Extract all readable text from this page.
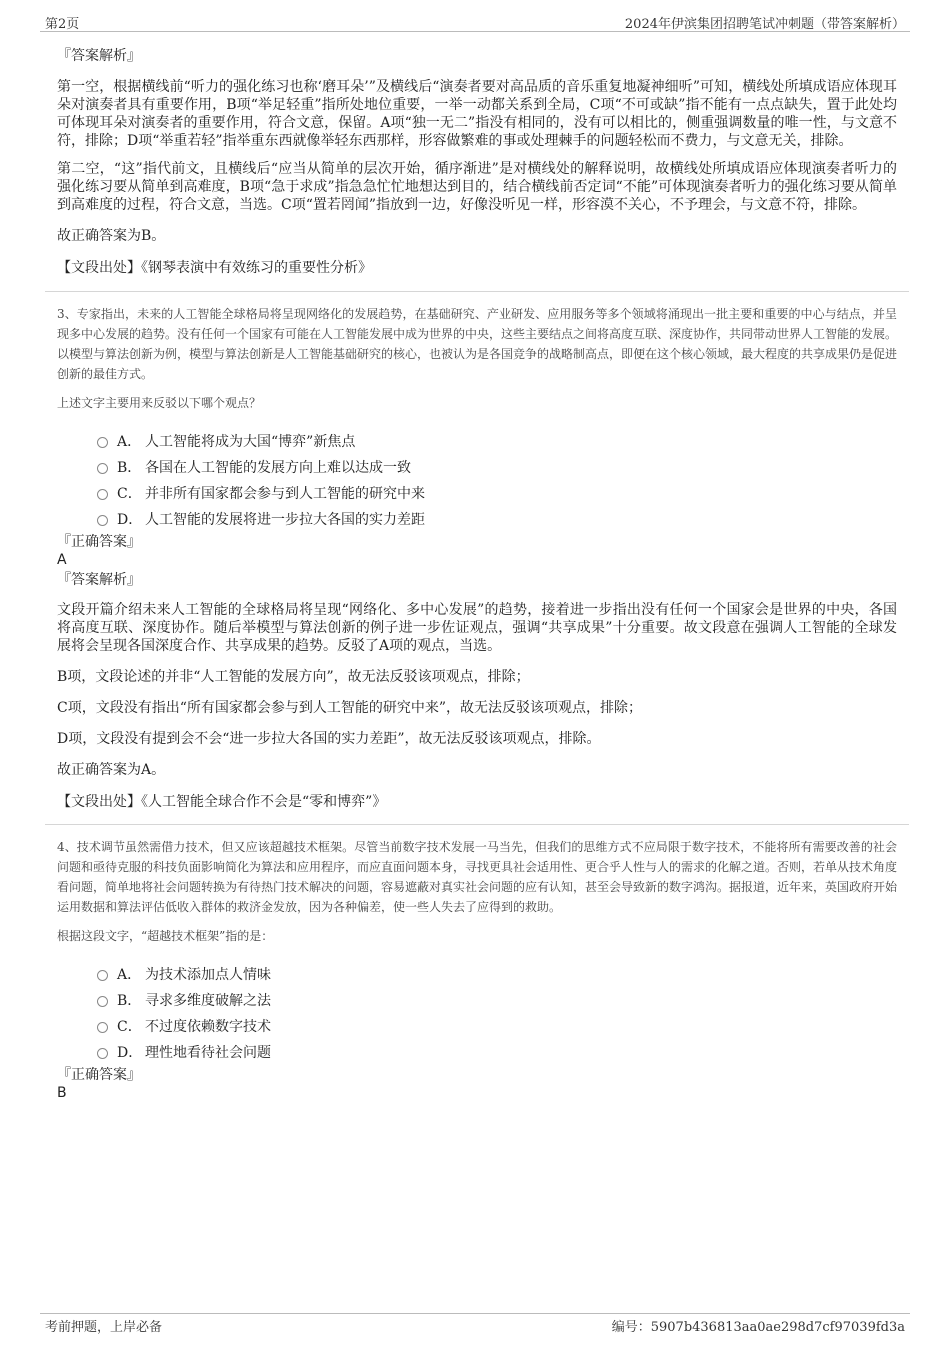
第2页	2024年伊滨集团招聘笔试冲刺题（带答案解析）

『答案解析』

第一空，根据横线前“听力的强化练习也称‘磨耳朵’”及横线后“演奏者要对高品质的音乐重复地凝神细听”可知，横线处所填成语应体现耳朵对演奏者具有重要作用，B项“举足轻重”指所处地位重要，一举一动都关系到全局，C项“不可或缺”指不能有一点点缺失，置于此处均可体现耳朵对演奏者的重要作用，符合文意，保留。A项“独一无二”指没有相同的，没有可以相比的，侧重强调数量的唯一性，与文意不符，排除；D项“举重若轻”指举重东西就像举轻东西那样，形容做繁难的事或处理棘手的问题轻松而不费力，与文意无关，排除。

第二空，“这”指代前文，且横线后“应当从简单的层次开始，循序渐进”是对横线处的解释说明，故横线处所填成语应体现演奏者听力的强化练习要从简单到高难度，B项“急于求成”指急急忙忙地想达到目的，结合横线前否定词“不能”可体现演奏者听力的强化练习要从简单到高难度的过程，符合文意，当选。C项“置若罔闻”指放到一边，好像没听见一样，形容漠不关心，不予理会，与文意不符，排除。

故正确答案为B。

【文段出处】《钢琴表演中有效练习的重要性分析》

3、专家指出，未来的人工智能全球格局将呈现网络化的发展趋势，在基础研究、产业研发、应用服务等多个领域将涌现出一批主要和重要的中心与结点，并呈现多中心发展的趋势。没有任何一个国家有可能在人工智能发展中成为世界的中央，这些主要结点之间将高度互联、深度协作，共同带动世界人工智能的发展。以模型与算法创新为例，模型与算法创新是人工智能基础研究的核心，也被认为是各国竞争的战略制高点，即便在这个核心领域，最大程度的共享成果仍是促进创新的最佳方式。

上述文字主要用来反驳以下哪个观点？

A． 人工智能将成为大国“博弈”新焦点
B． 各国在人工智能的发展方向上难以达成一致
C． 并非所有国家都会参与到人工智能的研究中来
D． 人工智能的发展将进一步拉大各国的实力差距

『正确答案』

A

『答案解析』

文段开篇介绍未来人工智能的全球格局将呈现“网络化、多中心发展”的趋势，接着进一步指出没有任何一个国家会是世界的中央，各国将高度互联、深度协作。随后举模型与算法创新的例子进一步佐证观点，强调“共享成果”十分重要。故文段意在强调人工智能的全球发展将会呈现各国深度合作、共享成果的趋势。反驳了A项的观点，当选。

B项，文段论述的并非“人工智能的发展方向”，故无法反驳该项观点，排除；

C项，文段没有指出“所有国家都会参与到人工智能的研究中来”，故无法反驳该项观点，排除；

D项，文段没有提到会不会“进一步拉大各国的实力差距”，故无法反驳该项观点，排除。

故正确答案为A。

【文段出处】《人工智能全球合作不会是“零和博弈”》

4、技术调节虽然需借力技术，但又应该超越技术框架。尽管当前数字技术发展一马当先，但我们的思维方式不应局限于数字技术，不能将所有需要改善的社会问题和亟待克服的科技负面影响简化为算法和应用程序，而应直面问题本身，寻找更具社会适用性、更合乎人性与人的需求的化解之道。否则，若单从技术角度看问题，简单地将社会问题转换为有待热门技术解决的问题，容易遮蔽对真实社会问题的应有认知，甚至会导致新的数字鸿沟。据报道，近年来，英国政府开始运用数据和算法评估低收入群体的救济金发放，因为各种偏差，使一些人失去了应得到的救助。

根据这段文字，“超越技术框架”指的是：

A． 为技术添加点人情味
B． 寻求多维度破解之法
C． 不过度依赖数字技术
D． 理性地看待社会问题

『正确答案』

B

考前押题，上岸必备	编号：5907b436813aa0ae298d7cf97039fd3a
